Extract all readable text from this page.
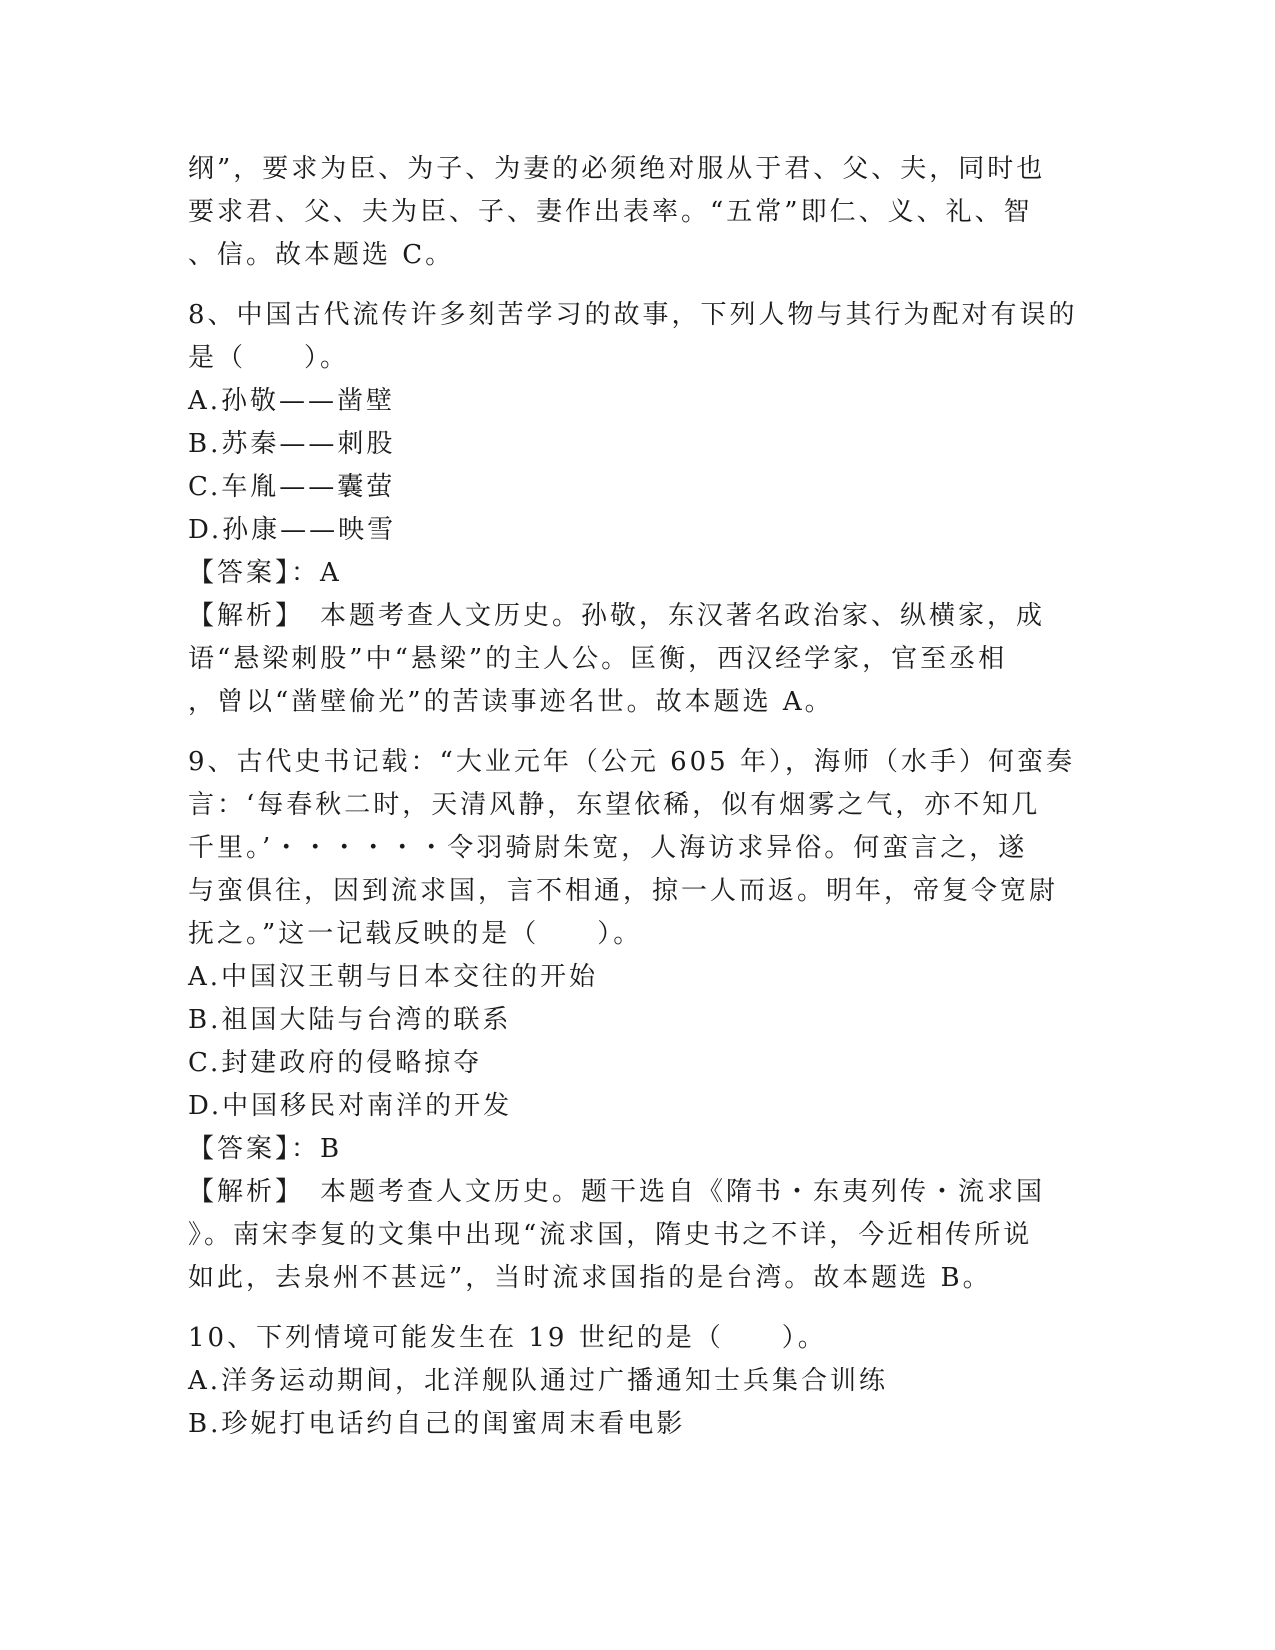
纲”，要求为臣、为子、为妻的必须绝对服从于君、父、夫，同时也
要求君、父、夫为臣、子、妻作出表率。“五常”即仁、义、礼、智
、信。故本题选 C。
8、中国古代流传许多刻苦学习的故事，下列人物与其行为配对有误的
是（　　）。
A.孙敬——凿壁
B.苏秦——刺股
C.车胤——囊萤
D.孙康——映雪
【答案】：A
【解析】　本题考查人文历史。孙敬，东汉著名政治家、纵横家，成
语“悬梁刺股”中“悬梁”的主人公。匡衡，西汉经学家，官至丞相
，曾以“凿壁偷光”的苦读事迹名世。故本题选 A。
9、古代史书记载：“大业元年（公元 605 年），海师（水手）何蛮奏
言：‘每春秋二时，天清风静，东望依稀，似有烟雾之气，亦不知几
千里。’・・・・・・令羽骑尉朱宽，人海访求异俗。何蛮言之，遂
与蛮俱往，因到流求国，言不相通，掠一人而返。明年，帝复令宽尉
抚之。”这一记载反映的是（　　）。
A.中国汉王朝与日本交往的开始
B.祖国大陆与台湾的联系
C.封建政府的侵略掠夺
D.中国移民对南洋的开发
【答案】：B
【解析】　本题考查人文历史。题干选自《隋书・东夷列传・流求国
》。南宋李复的文集中出现“流求国，隋史书之不详，今近相传所说
如此，去泉州不甚远”，当时流求国指的是台湾。故本题选 B。
10、下列情境可能发生在 19 世纪的是（　　）。
A.洋务运动期间，北洋舰队通过广播通知士兵集合训练
B.珍妮打电话约自己的闺蜜周末看电影
